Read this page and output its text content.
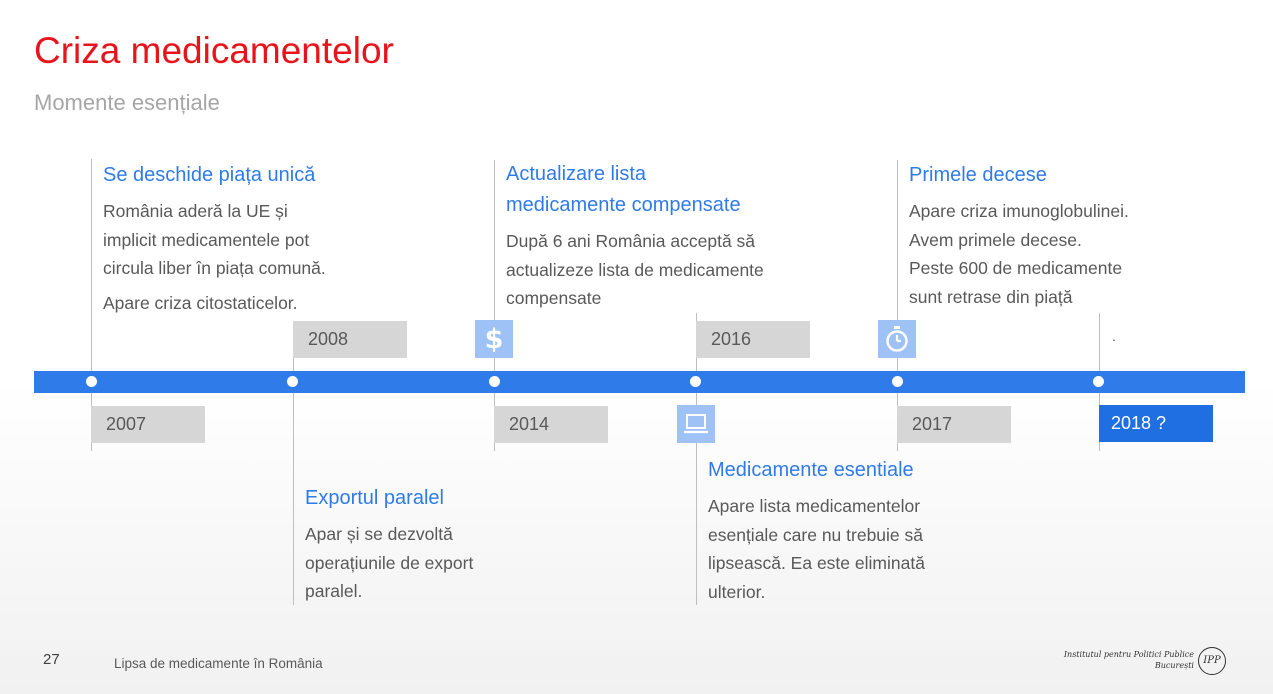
Criza medicamentelor
Momente esențiale
2007
2008
2014
2016
2017	2018 ?
$	.
Se deschide piața unică
România aderă la UE și
implicit medicamentele pot
circula liber în piața comună.
Apare criza citostaticelor.
Exportul paralel
Apar și se dezvoltă
operațiunile de export
paralel.
Actualizare lista
medicamente compensate
După 6 ani România acceptă să
actualizeze lista de medicamente
compensate
Medicamente esentiale
Apare lista medicamentelor
esențiale care nu trebuie să
lipsească. Ea este eliminată
ulterior.
Primele decese
Apare criza imunoglobulinei.
Avem primele decese.
Peste 600 de medicamente
sunt retrase din piață
27	Lipsa de medicamente în România
Institutul pentru Politici Publice
București IPP
